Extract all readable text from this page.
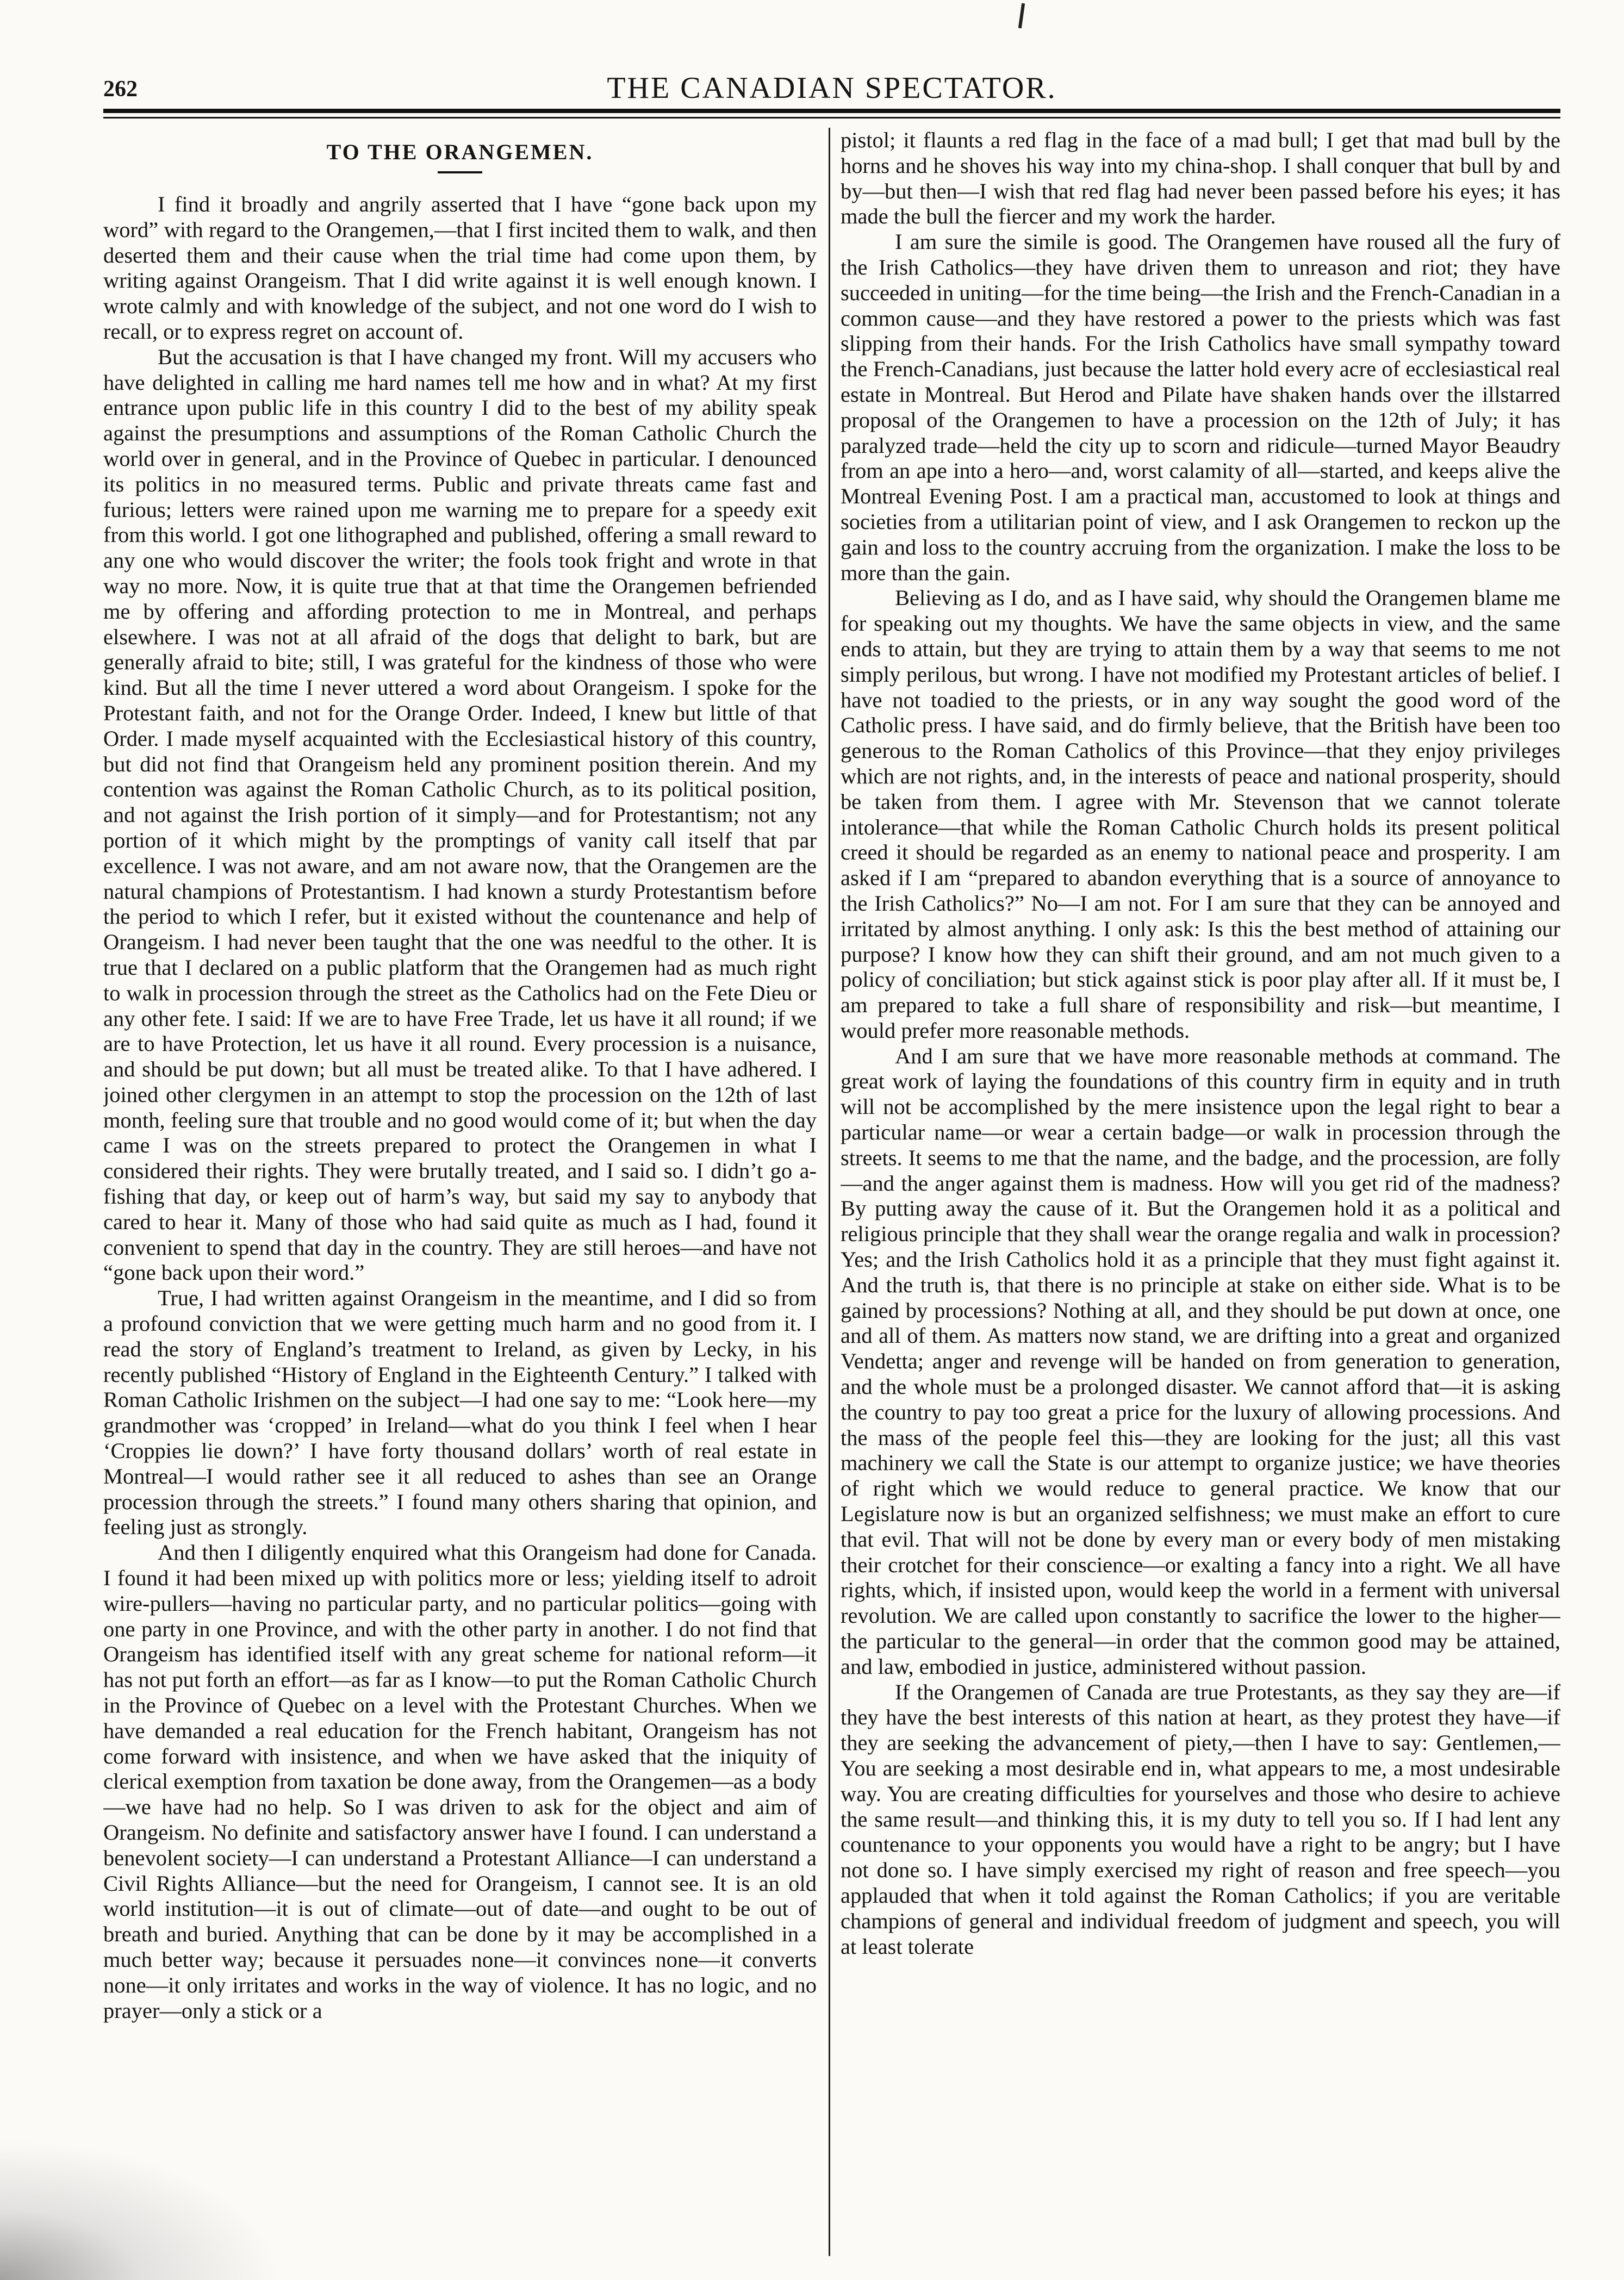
262	THE CANADIAN SPECTATOR.
TO THE ORANGEMEN.

I find it broadly and angrily asserted that I have “gone back upon my word” with regard to the Orangemen,—that I first incited them to walk, and then deserted them and their cause when the trial time had come upon them, by writing against Orangeism. That I did write against it is well enough known. I wrote calmly and with knowledge of the subject, and not one word do I wish to recall, or to express regret on account of.

But the accusation is that I have changed my front. Will my accusers who have delighted in calling me hard names tell me how and in what? At my first entrance upon public life in this country I did to the best of my ability speak against the presumptions and assumptions of the Roman Catholic Church the world over in general, and in the Province of Quebec in particular. I denounced its politics in no measured terms. Public and private threats came fast and furious; letters were rained upon me warning me to prepare for a speedy exit from this world. I got one lithographed and published, offering a small reward to any one who would discover the writer; the fools took fright and wrote in that way no more. Now, it is quite true that at that time the Orangemen befriended me by offering and affording protection to me in Montreal, and perhaps elsewhere. I was not at all afraid of the dogs that delight to bark, but are generally afraid to bite; still, I was grateful for the kindness of those who were kind. But all the time I never uttered a word about Orangeism. I spoke for the Protestant faith, and not for the Orange Order. Indeed, I knew but little of that Order. I made myself acquainted with the Ecclesiastical history of this country, but did not find that Orangeism held any prominent position therein. And my contention was against the Roman Catholic Church, as to its political position, and not against the Irish portion of it simply—and for Protestantism; not any portion of it which might by the promptings of vanity call itself that par excellence. I was not aware, and am not aware now, that the Orangemen are the natural champions of Protestantism. I had known a sturdy Protestantism before the period to which I refer, but it existed without the countenance and help of Orangeism. I had never been taught that the one was needful to the other. It is true that I declared on a public platform that the Orangemen had as much right to walk in procession through the street as the Catholics had on the Fete Dieu or any other fete. I said: If we are to have Free Trade, let us have it all round; if we are to have Protection, let us have it all round. Every procession is a nuisance, and should be put down; but all must be treated alike. To that I have adhered. I joined other clergymen in an attempt to stop the procession on the 12th of last month, feeling sure that trouble and no good would come of it; but when the day came I was on the streets prepared to protect the Orangemen in what I considered their rights. They were brutally treated, and I said so. I didn’t go a-fishing that day, or keep out of harm’s way, but said my say to anybody that cared to hear it. Many of those who had said quite as much as I had, found it convenient to spend that day in the country. They are still heroes—and have not “gone back upon their word.”

True, I had written against Orangeism in the meantime, and I did so from a profound conviction that we were getting much harm and no good from it. I read the story of England’s treatment to Ireland, as given by Lecky, in his recently published “History of England in the Eighteenth Century.” I talked with Roman Catholic Irishmen on the subject—I had one say to me: “Look here—my grandmother was ‘cropped’ in Ireland—what do you think I feel when I hear ‘Croppies lie down?’ I have forty thousand dollars’ worth of real estate in Montreal—I would rather see it all reduced to ashes than see an Orange procession through the streets.” I found many others sharing that opinion, and feeling just as strongly.

And then I diligently enquired what this Orangeism had done for Canada. I found it had been mixed up with politics more or less; yielding itself to adroit wire-pullers—having no particular party, and no particular politics—going with one party in one Province, and with the other party in another. I do not find that Orangeism has identified itself with any great scheme for national reform—it has not put forth an effort—as far as I know—to put the Roman Catholic Church in the Province of Quebec on a level with the Protestant Churches. When we have demanded a real education for the French habitant, Orangeism has not come forward with insistence, and when we have asked that the iniquity of clerical exemption from taxation be done away, from the Orangemen—as a body—we have had no help. So I was driven to ask for the object and aim of Orangeism. No definite and satisfactory answer have I found. I can understand a benevolent society—I can understand a Protestant Alliance—I can understand a Civil Rights Alliance—but the need for Orangeism, I cannot see. It is an old world institution—it is out of climate—out of date—and ought to be out of breath and buried. Anything that can be done by it may be accomplished in a much better way; because it persuades none—it convinces none—it converts none—it only irritates and works in the way of violence. It has no logic, and no prayer—only a stick or a

pistol; it flaunts a red flag in the face of a mad bull; I get that mad bull by the horns and he shoves his way into my china-shop. I shall conquer that bull by and by—but then—I wish that red flag had never been passed before his eyes; it has made the bull the fiercer and my work the harder.

I am sure the simile is good. The Orangemen have roused all the fury of the Irish Catholics—they have driven them to unreason and riot; they have succeeded in uniting—for the time being—the Irish and the French-Canadian in a common cause—and they have restored a power to the priests which was fast slipping from their hands. For the Irish Catholics have small sympathy toward the French-Canadians, just because the latter hold every acre of ecclesiastical real estate in Montreal. But Herod and Pilate have shaken hands over the illstarred proposal of the Orangemen to have a procession on the 12th of July; it has paralyzed trade—held the city up to scorn and ridicule—turned Mayor Beaudry from an ape into a hero—and, worst calamity of all—started, and keeps alive the Montreal Evening Post. I am a practical man, accustomed to look at things and societies from a utilitarian point of view, and I ask Orangemen to reckon up the gain and loss to the country accruing from the organization. I make the loss to be more than the gain.

Believing as I do, and as I have said, why should the Orangemen blame me for speaking out my thoughts. We have the same objects in view, and the same ends to attain, but they are trying to attain them by a way that seems to me not simply perilous, but wrong. I have not modified my Protestant articles of belief. I have not toadied to the priests, or in any way sought the good word of the Catholic press. I have said, and do firmly believe, that the British have been too generous to the Roman Catholics of this Province—that they enjoy privileges which are not rights, and, in the interests of peace and national prosperity, should be taken from them. I agree with Mr. Stevenson that we cannot tolerate intolerance—that while the Roman Catholic Church holds its present political creed it should be regarded as an enemy to national peace and prosperity. I am asked if I am “prepared to abandon everything that is a source of annoyance to the Irish Catholics?” No—I am not. For I am sure that they can be annoyed and irritated by almost anything. I only ask: Is this the best method of attaining our purpose? I know how they can shift their ground, and am not much given to a policy of conciliation; but stick against stick is poor play after all. If it must be, I am prepared to take a full share of responsibility and risk—but meantime, I would prefer more reasonable methods.

And I am sure that we have more reasonable methods at command. The great work of laying the foundations of this country firm in equity and in truth will not be accomplished by the mere insistence upon the legal right to bear a particular name—or wear a certain badge—or walk in procession through the streets. It seems to me that the name, and the badge, and the procession, are folly—and the anger against them is madness. How will you get rid of the madness? By putting away the cause of it. But the Orangemen hold it as a political and religious principle that they shall wear the orange regalia and walk in procession? Yes; and the Irish Catholics hold it as a principle that they must fight against it. And the truth is, that there is no principle at stake on either side. What is to be gained by processions? Nothing at all, and they should be put down at once, one and all of them. As matters now stand, we are drifting into a great and organized Vendetta; anger and revenge will be handed on from generation to generation, and the whole must be a prolonged disaster. We cannot afford that—it is asking the country to pay too great a price for the luxury of allowing processions. And the mass of the people feel this—they are looking for the just; all this vast machinery we call the State is our attempt to organize justice; we have theories of right which we would reduce to general practice. We know that our Legislature now is but an organized selfishness; we must make an effort to cure that evil. That will not be done by every man or every body of men mistaking their crotchet for their conscience—or exalting a fancy into a right. We all have rights, which, if insisted upon, would keep the world in a ferment with universal revolution. We are called upon constantly to sacrifice the lower to the higher—the particular to the general—in order that the common good may be attained, and law, embodied in justice, administered without passion.

If the Orangemen of Canada are true Protestants, as they say they are—if they have the best interests of this nation at heart, as they protest they have—if they are seeking the advancement of piety,—then I have to say: Gentlemen,—You are seeking a most desirable end in, what appears to me, a most undesirable way. You are creating difficulties for yourselves and those who desire to achieve the same result—and thinking this, it is my duty to tell you so. If I had lent any countenance to your opponents you would have a right to be angry; but I have not done so. I have simply exercised my right of reason and free speech—you applauded that when it told against the Roman Catholics; if you are veritable champions of general and individual freedom of judgment and speech, you will at least tolerate
